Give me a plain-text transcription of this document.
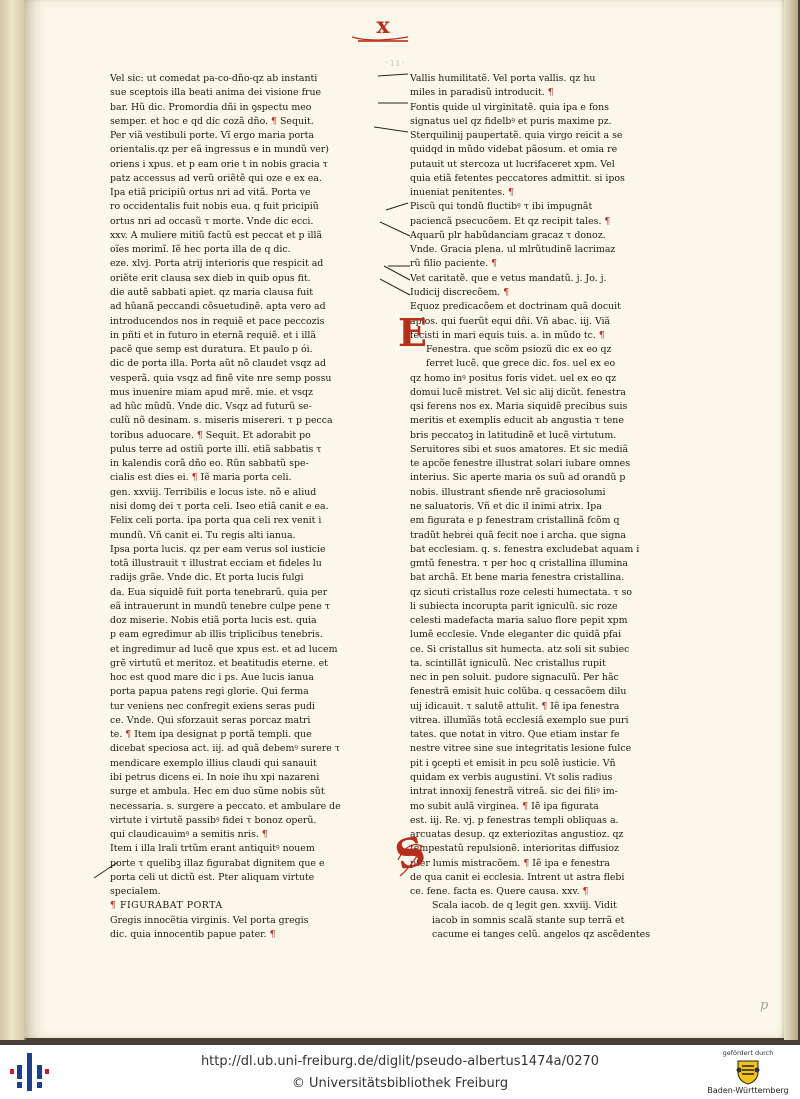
x
·ıı·
Vel sic: ut comedat pa-co-dño-qz ab instanti
sue sceptois illa beati anima dei visione frue
bar. Hũ dic. Promordia dñi in ꝯspectu meo
semper. et hoc e qd dic cozã dño. ¶ Sequit.
Per viã vestibuli porte. Vĩ ergo maria porta
orientalis.qz per eã ingressus e in mundũ ver)
oriens i xpus. et p eam orie t in nobis gracia τ
patz accessus ad verũ oriẽtẽ qui oze e ex ea.
Ipa etiã pricipiũ ortus nri ad vitã. Porta ve
ro occidentalis fuit nobis eua. q fuit pricipiũ
ortus nri ad occasũ τ morte. Vnde dic ecci.
xxv. A muliere mitiũ factũ est peccat et p illã
oĩes morimĩ. Iẽ hec porta illa de q dic.
eze. xlvj. Porta atrij interioris que respicit ad
oriẽte erit clausa sex dieb in quib opus fit.
die autẽ sabbati apiet. qz maria clausa fuit
ad hũanã peccandi cõsuetudinẽ. apta vero ad
introducendos nos in requiẽ et pace peccozis
in pñti et in futuro in eternã requiẽ. et i illã
pacẽ que semp est duratura. Et paulo p ói.
dic de porta illa. Porta aũt nõ claudet vsqz ad
vesperã. quia vsqz ad finẽ vite nre semp possu
mus inuenire miam apud mrẽ. mie. et vsqz
ad hũc mũdũ. Vnde dic. Vsqz ad futurũ se-
culũ nõ desinam. s. miseris misereri. τ p pecca
toribus aduocare. ¶ Sequit. Et adorabit po
pulus terre ad ostiũ porte illi. etiã sabbatis τ
in kalendis corã dño eo. Rũn sabbatũ spe-
cialis est dies ei. ¶ Iẽ maria porta celi.
gen. xxviij. Terribilis e locus iste. nõ e aliud
nisi domꝯ dei τ porta celi. Iseo etiã canit e ea.
Felix celi porta. ipa porta qua celi rex venit i
mundũ. Vñ canit ei. Tu regis alti ianua.
Ipsa porta lucis. qz per eam verus sol iusticie
totã illustrauit τ illustrat ecciam et fideles lu
radijs grãe. Vnde dic. Et porta lucis fulgi
da. Eua siquidẽ fuit porta tenebrarũ. quia per
eã intrauerunt in mundũ tenebre culpe pene τ
doz miserie. Nobis etiã porta lucis est. quia
p eam egredimur ab illis triplicibus tenebris.
et ingredimur ad lucẽ que xpus est. et ad lucem
grẽ virtutũ et meritoz. et beatitudis eterne. et
hoc est quod mare dic i ps. Aue lucis ianua
porta papua patens regi glorie. Qui ferma
tur veniens nec confregit exiens seras pudi
ce. Vnde. Qui sforzauit seras porcaz matri
te. ¶ Item ipa designat p portã templi. que
dicebat speciosa act. iij. ad quã debemꝰ surere τ
mendicare exemplo illius claudi qui sanauit
ibi petrus dicens ei. In noie ihu xpi nazareni
surge et ambula. Hec em duo sũme nobis sũt
necessaria. s. surgere a peccato. et ambulare de
virtute i virtutẽ passibꝰ fidei τ bonoz operũ.
qui claudicauimꝰ a semitis nris. ¶
Item i illa lrali trtũm erant antiquitꝰ nouem
porte τ quelibꝫ illaz figurabat dignitem que e
porta celi ut dictũ est. Pter aliquam virtute
specialem.
¶ FIGURABAT PORTA
Gregis innocẽtia virginis. Vel porta gregis
dic. quia innocentib papue pater. ¶
Vallis humilitatẽ. Vel porta vallis. qz hu
miles in paradisũ introducit. ¶
Fontis quide ul virginitatẽ. quia ipa e fons
signatus uel qz fidelbꝰ et puris maxime pz.
Sterquilinij paupertatẽ. quia virgo reicit a se
quidqd in mũdo videbat pãosum. et omia re
putauit ut stercoza ut lucrifaceret xpm. Vel
quia etiã fetentes peccatores admittit. si ipos
inueniat penitentes. ¶
Piscũ qui tondũ fluctibꝰ τ ibi impugnãt
paciencã psecucõem. Et qz recipit tales. ¶
Aquarũ plr habũdanciam gracaz τ donoz.
Vnde. Gracia plena. ul mlrũtudinẽ lacrimaz
rũ filio paciente. ¶
Vet caritatẽ. que e vetus mandatũ. j. Jo. j.
Iudicij discrecõem. ¶
Equoz predicacõem et doctrinam quã docuit
aplos. qui fuerũt equi dñi. Vñ abac. iij. Viã
fecisti in mari equis tuis. a. in mũdo tc. ¶
Fenestra. que scõm psiozũ dic ex eo qz
ferret lucẽ. que grece dic. fos. uel ex eo
qz homo inꝰ positus foris videt. uel ex eo qz
domui lucẽ mistret. Vel sic alij dicũt. fenestra
qsi ferens nos ex. Maria siquidẽ precibus suis
meritis et exemplis educit ab angustia τ tene
bris peccatoꝫ in latitudinẽ et lucẽ virtutum.
Seruitores sibi et suos amatores. Et sic mediã
te apcõe fenestre illustrat solari iubare omnes
interius. Sic aperte maria os suũ ad orandũ p
nobis. illustrant sfiende nrẽ graciosolumi
ne saluatoris. Vñ et dic il inimi atrix. Ipa
em figurata e p fenestram cristallinã fcõm q
tradũt hebrei quã fecit noe i archa. que signa
bat ecclesiam. q. s. fenestra excludebat aquam i
gmtũ fenestra. τ per hoc q cristallina illumina
bat archã. Et bene maria fenestra cristallina.
qz sicuti cristallus roze celesti humectata. τ so
li subiecta incorupta parit igniculũ. sic roze
celesti madefacta maria saluo flore pepit xpm
lumẽ ecclesie. Vnde eleganter dic quidã pfai
ce. Si cristallus sit humecta. atz soli sit subiec
ta. scintillãt igniculũ. Nec cristallus rupit
nec in pen soluit. pudore signaculũ. Per hãc
fenestrã emisit huic colũba. q cessacõem dilu
uij idicauit. τ salutẽ attulit. ¶ Iẽ ipa fenestra
vitrea. illumĩãs totã ecclesiã exemplo sue puri
tates. que notat in vitro. Que etiam instar fe
nestre vitree sine sue integritatis lesione fulce
pit i ꝯcepti et emisit in pcu solẽ iusticie. Vñ
quidam ex verbis augustini. Vt solis radius
intrat innoxij fenestrã vitreã. sic dei filiꝰ im-
mo subit aulã virginea. ¶ Iẽ ipa figurata
est. iij. Re. vj. p fenestras templi obliquas a.
arcuatas desup. qz exteriozitas angustioz. qz
tempestatũ repulsionẽ. interioritas diffusioz
pter lumis mistracõem. ¶ Iẽ ipa e fenestra
de qua canit ei ecclesia. Intrent ut astra flebi
ce. fene. facta es. Quere causa. xxv. ¶
Scala iacob. de q legit gen. xxviij. Vidit
iacob in somnis scalã stante sup terrã et
cacume ei tanges celũ. angelos qz ascẽdentes
E
S
p
http://dl.ub.uni-freiburg.de/diglit/pseudo-albertus1474a/0270
© Universitätsbibliothek Freiburg
gefördert durch
Baden-Württemberg
